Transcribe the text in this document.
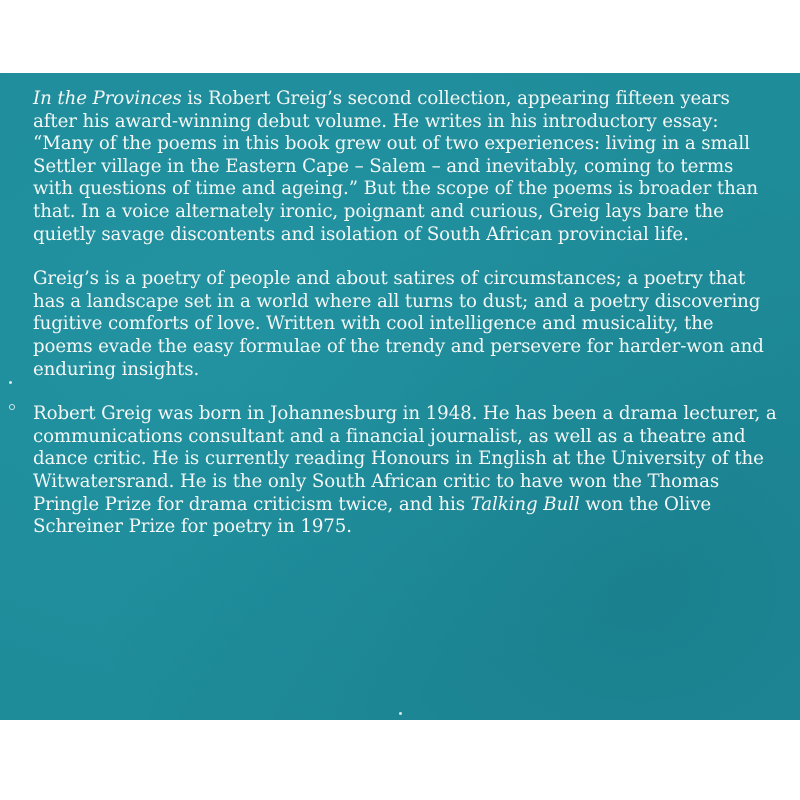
In the Provinces is Robert Greig’s second collection, appearing fifteen years after his award-winning debut volume. He writes in his introductory essay: “Many of the poems in this book grew out of two experiences: living in a small Settler village in the Eastern Cape – Salem – and inevitably, coming to terms with questions of time and ageing.” But the scope of the poems is broader than that. In a voice alternately ironic, poignant and curious, Greig lays bare the quietly savage discontents and isolation of South African provincial life.

Greig’s is a poetry of people and about satires of circumstances; a poetry that has a landscape set in a world where all turns to dust; and a poetry discovering fugitive comforts of love. Written with cool intelligence and musicality, the poems evade the easy formulae of the trendy and persevere for harder-won and enduring insights.

Robert Greig was born in Johannesburg in 1948. He has been a drama lecturer, a communications consultant and a financial journalist, as well as a theatre and dance critic. He is currently reading Honours in English at the University of the Witwatersrand. He is the only South African critic to have won the Thomas Pringle Prize for drama criticism twice, and his Talking Bull won the Olive Schreiner Prize for poetry in 1975.
